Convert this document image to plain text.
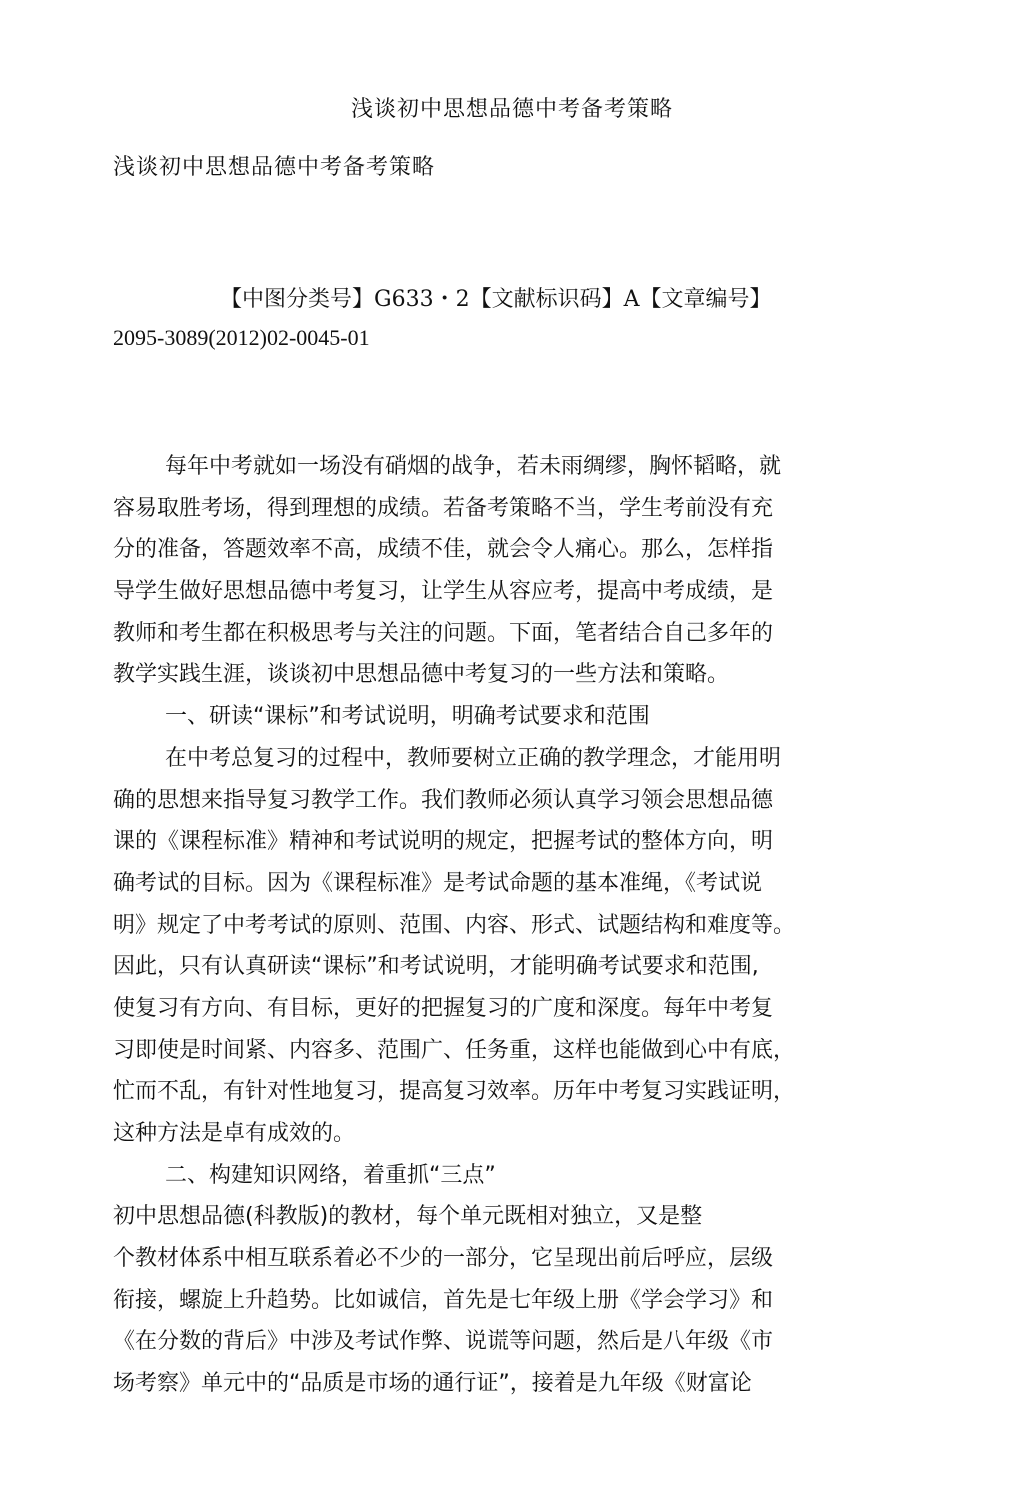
浅谈初中思想品德中考备考策略
浅谈初中思想品德中考备考策略
【中图分类号】G633・2【文献标识码】A【文章编号】
2095-3089(2012)02-0045-01
每年中考就如一场没有硝烟的战争，若未雨绸缪，胸怀韬略，就
容易取胜考场，得到理想的成绩。若备考策略不当，学生考前没有充
分的准备，答题效率不高，成绩不佳，就会令人痛心。那么，怎样指
导学生做好思想品德中考复习，让学生从容应考，提高中考成绩，是
教师和考生都在积极思考与关注的问题。下面，笔者结合自己多年的
教学实践生涯，谈谈初中思想品德中考复习的一些方法和策略。
一、研读“课标”和考试说明，明确考试要求和范围
在中考总复习的过程中，教师要树立正确的教学理念，才能用明
确的思想来指导复习教学工作。我们教师必须认真学习领会思想品德
课的《课程标准》精神和考试说明的规定，把握考试的整体方向，明
确考试的目标。因为《课程标准》是考试命题的基本准绳，《考试说
明》规定了中考考试的原则、范围、内容、形式、试题结构和难度等。
因此，只有认真研读“课标”和考试说明，才能明确考试要求和范围,
使复习有方向、有目标，更好的把握复习的广度和深度。每年中考复
习即使是时间紧、内容多、范围广、任务重，这样也能做到心中有底，
忙而不乱，有针对性地复习，提高复习效率。历年中考复习实践证明，
这种方法是卓有成效的。
二、构建知识网络，着重抓“三点”
初中思想品德(科教版)的教材，每个单元既相对独立，又是整
个教材体系中相互联系着必不少的一部分，它呈现出前后呼应，层级
衔接，螺旋上升趋势。比如诚信，首先是七年级上册《学会学习》和
《在分数的背后》中涉及考试作弊、说谎等问题，然后是八年级《市
场考察》单元中的“品质是市场的通行证”，接着是九年级《财富论
